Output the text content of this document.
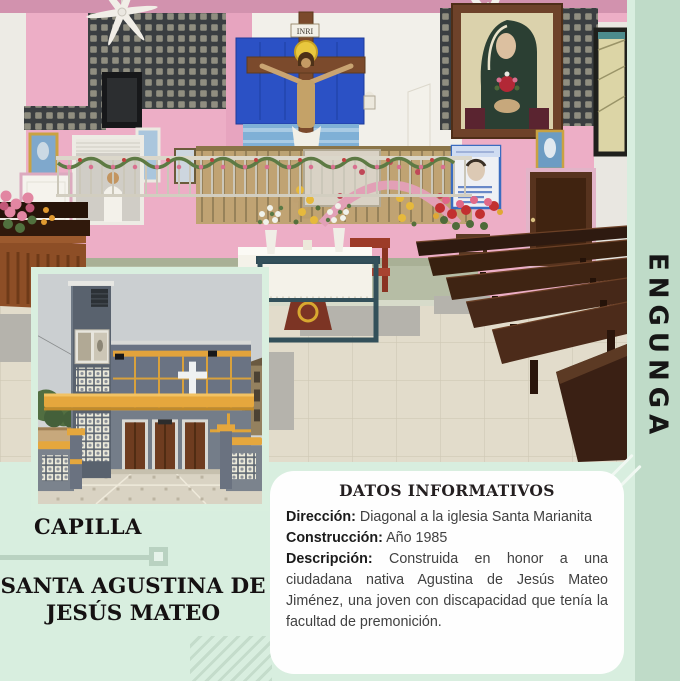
INRI
ENGUNGA
CAPILLA
SANTA AGUSTINA DE
JESÚS MATEO
DATOS INFORMATIVOS

Dirección: Diagonal a la iglesia Santa Marianita

Construcción: Año 1985

Descripción: Construida en honor a una ciudadana nativa Agustina de Jesús Mateo Jiménez, una joven con discapacidad que tenía la facultad de premonición.
